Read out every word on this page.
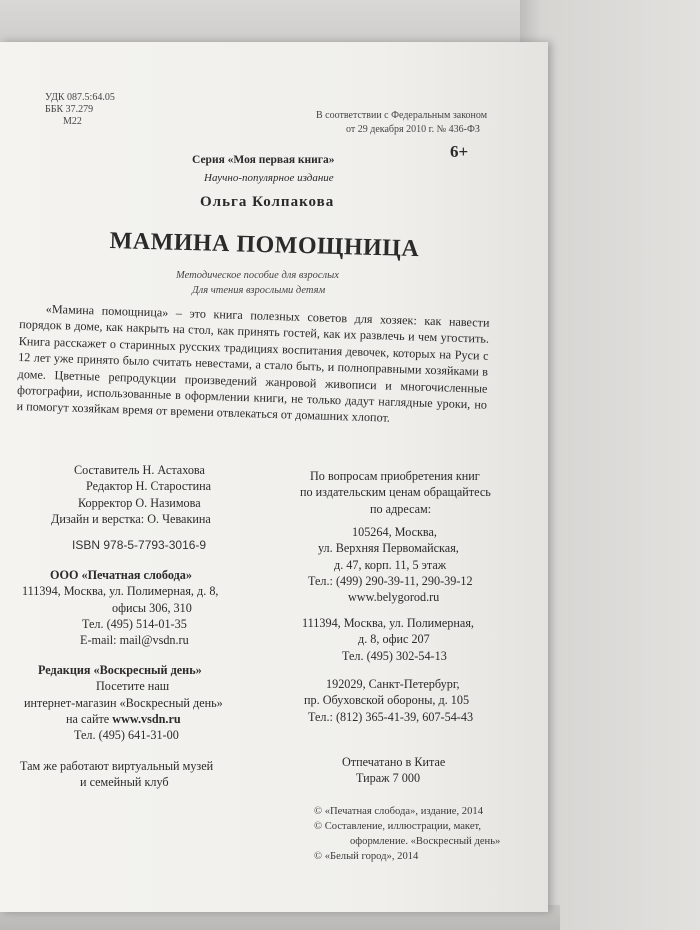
УДК 087.5:64.05
ББК 37.279
М22
В соответствии с Федеральным законом
от 29 декабря 2010 г. № 436-ФЗ
6+
Серия «Моя первая книга»
Научно-популярное издание
Ольга Колпакова
МАМИНА ПОМОЩНИЦА
Методическое пособие для взрослых
Для чтения взрослыми детям

«Мамина помощница» – это книга полезных советов для хозяек: как навести порядок в доме, как накрыть на стол, как принять гостей, как их развлечь и чем угостить. Книга расскажет о старинных русских традициях воспитания девочек, которых на Руси с 12 лет уже принято было считать невестами, а стало быть, и полноправными хозяйками в доме. Цветные репродукции произведений жанровой живописи и многочисленные фотографии, использованные в оформлении книги, не только дадут наглядные уроки, но и помогут хозяйкам время от времени отвлекаться от домашних хлопот.

Составитель Н. Астахова
Редактор Н. Старостина
Корректор О. Назимова
Дизайн и верстка: О. Чевакина
ISBN 978-5-7793-3016-9
ООО «Печатная слобода»
111394, Москва, ул. Полимерная, д. 8,
офисы 306, 310
Тел. (495) 514-01-35
E-mail: mail@vsdn.ru
Редакция «Воскресный день»
Посетите наш
интернет-магазин «Воскресный день»
на сайте www.vsdn.ru
Тел. (495) 641-31-00
Там же работают виртуальный музей
и семейный клуб
По вопросам приобретения книг
по издательским ценам обращайтесь
по адресам:
105264, Москва,
ул. Верхняя Первомайская,
д. 47, корп. 11, 5 этаж
Тел.: (499) 290-39-11, 290-39-12
www.belygorod.ru
111394, Москва, ул. Полимерная,
д. 8, офис 207
Тел. (495) 302-54-13
192029, Санкт-Петербург,
пр. Обуховской обороны, д. 105
Тел.: (812) 365-41-39, 607-54-43
Отпечатано в Китае
Тираж 7 000
© «Печатная слобода», издание, 2014
© Составление, иллюстрации, макет,
оформление. «Воскресный день»
© «Белый город», 2014
